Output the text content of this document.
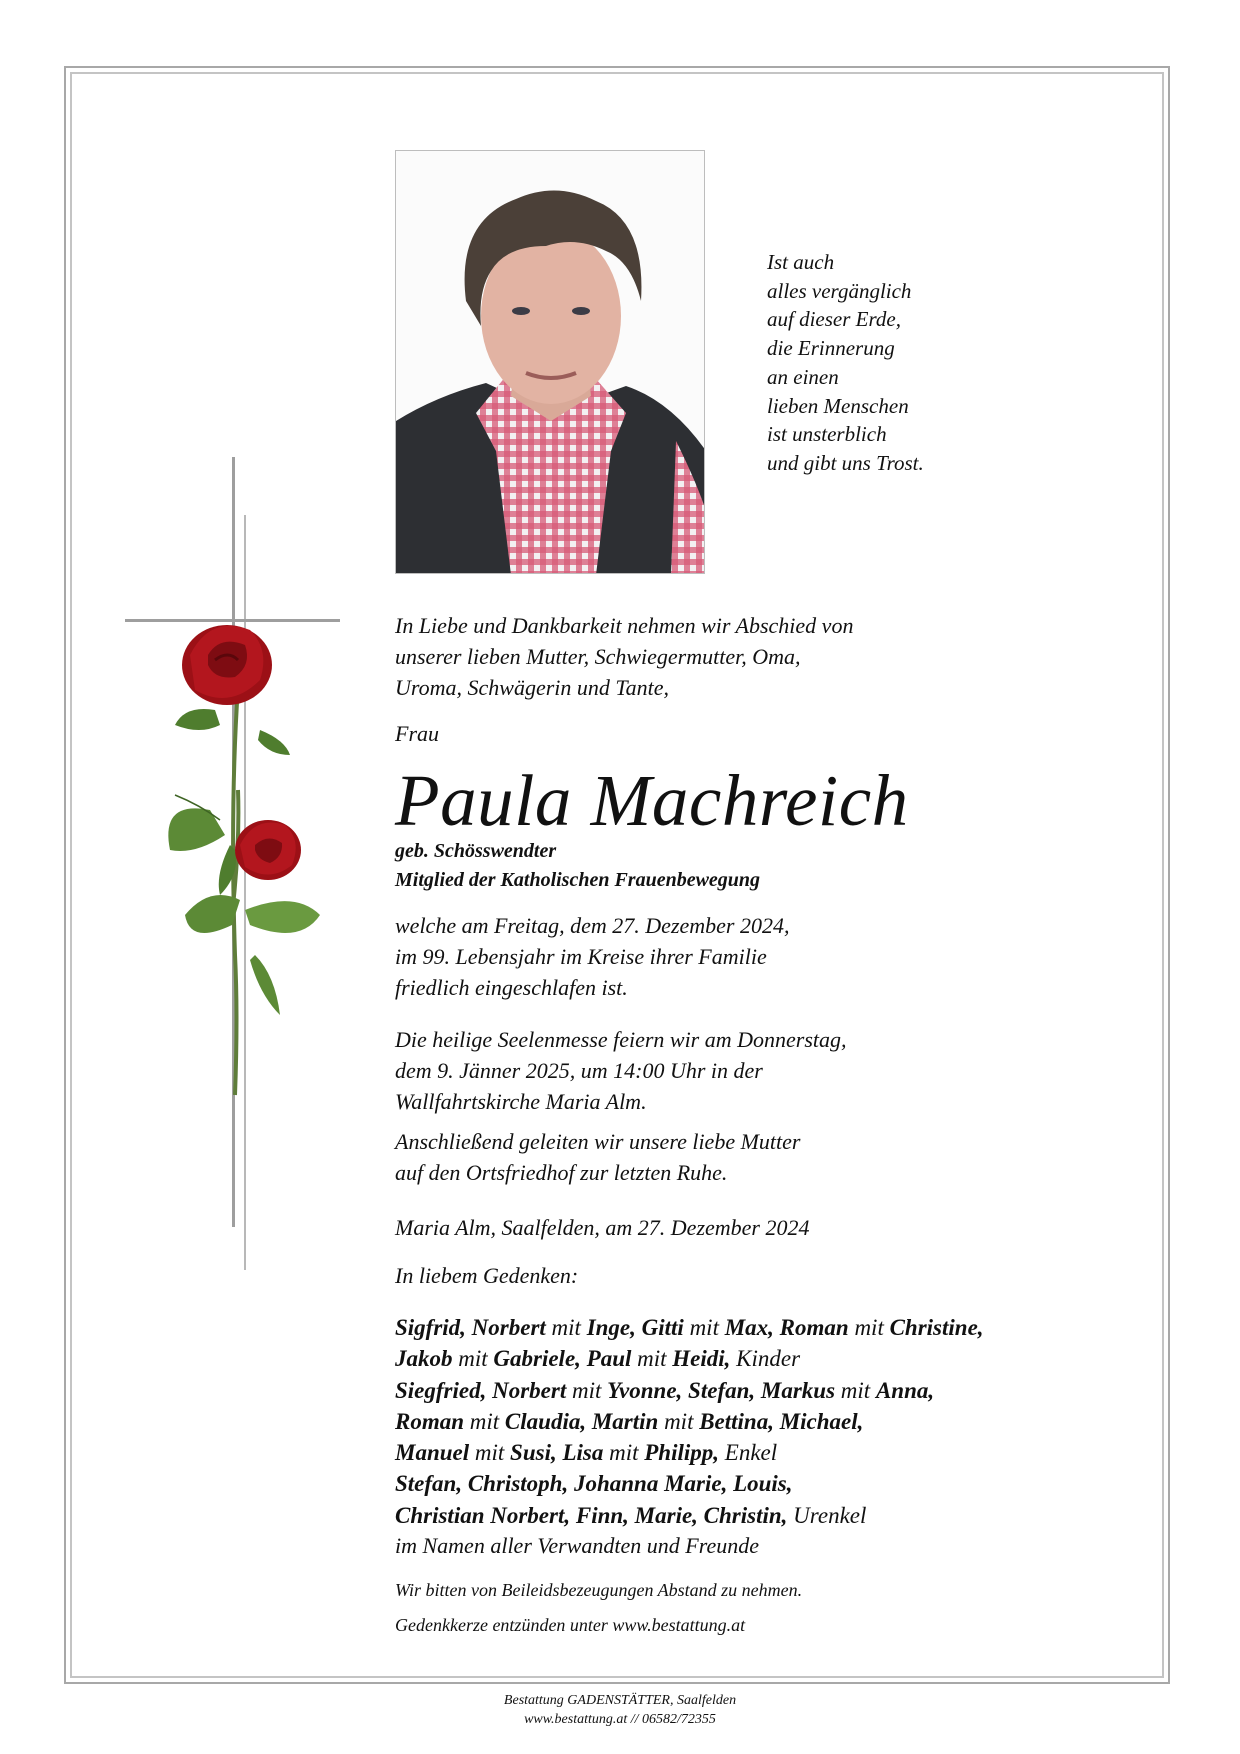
Ist auch
alles vergänglich
auf dieser Erde,
die Erinnerung
an einen
lieben Menschen
ist unsterblich
und gibt uns Trost.
In Liebe und Dankbarkeit nehmen wir Abschied von
unserer lieben Mutter, Schwiegermutter, Oma,
Uroma, Schwägerin und Tante,
Frau
Paula Machreich
geb. Schösswendter
Mitglied der Katholischen Frauenbewegung
welche am Freitag, dem 27. Dezember 2024,
im 99. Lebensjahr im Kreise ihrer Familie
friedlich eingeschlafen ist.
Die heilige Seelenmesse feiern wir am Donnerstag,
dem 9. Jänner 2025, um 14:00 Uhr in der
Wallfahrtskirche Maria Alm.
Anschließend geleiten wir unsere liebe Mutter
auf den Ortsfriedhof zur letzten Ruhe.
Maria Alm, Saalfelden, am 27. Dezember 2024
In liebem Gedenken:
Sigfrid, Norbert mit Inge, Gitti mit Max, Roman mit Christine,
Jakob mit Gabriele, Paul mit Heidi, Kinder
Siegfried, Norbert mit Yvonne, Stefan, Markus mit Anna,
Roman mit Claudia, Martin mit Bettina, Michael,
Manuel mit Susi, Lisa mit Philipp, Enkel
Stefan, Christoph, Johanna Marie, Louis,
Christian Norbert, Finn, Marie, Christin, Urenkel
im Namen aller Verwandten und Freunde
Wir bitten von Beileidsbezeugungen Abstand zu nehmen.
Gedenkkerze entzünden unter www.bestattung.at
Bestattung GADENSTÄTTER, Saalfelden
www.bestattung.at // 06582/72355
